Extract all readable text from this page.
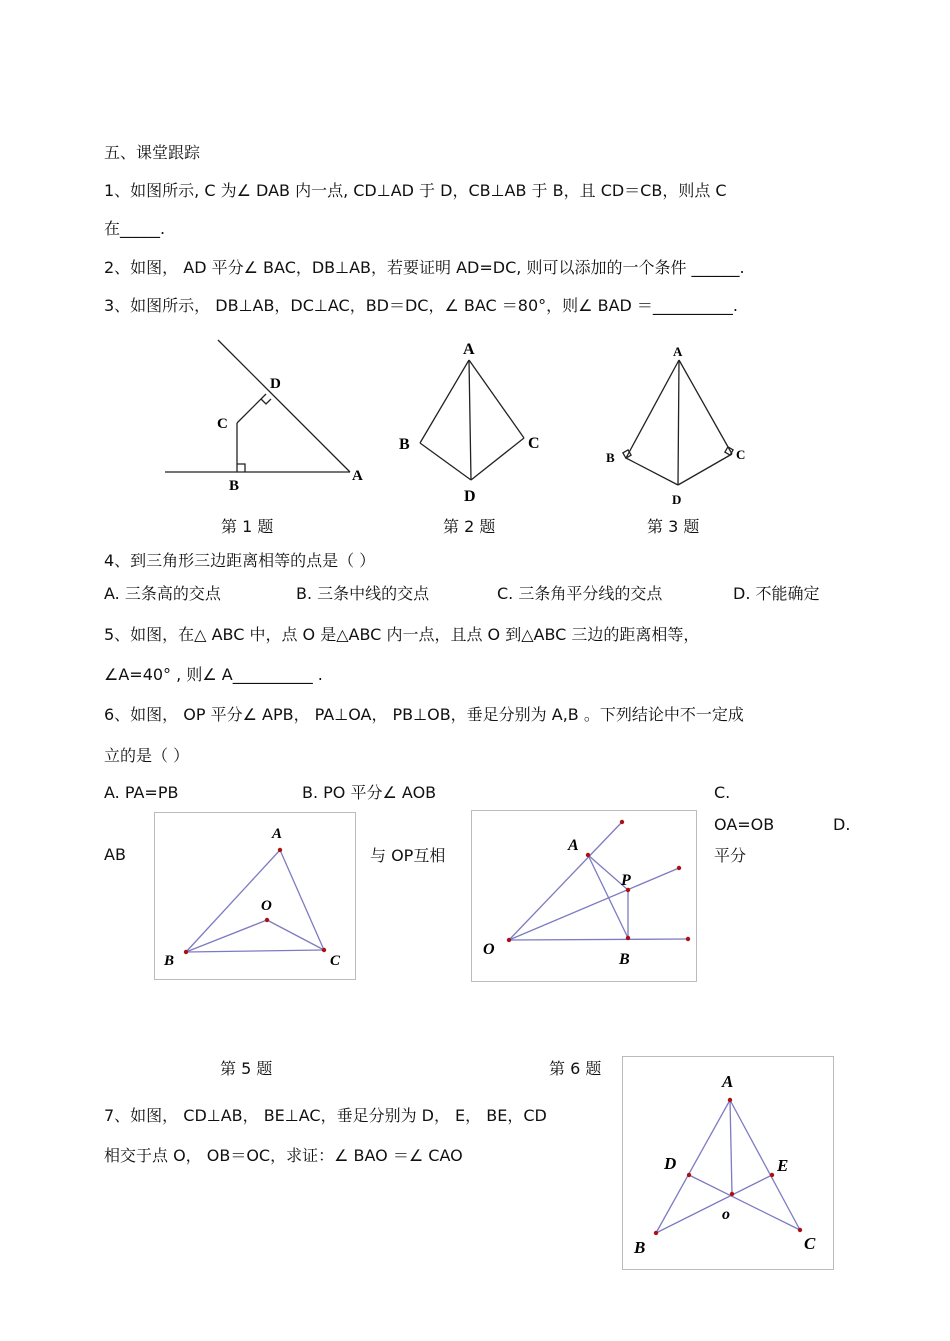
五、课堂跟踪
1、如图所示, C 为∠ DAB 内一点, CD⊥AD 于 D，CB⊥AB 于 B，且 CD＝CB，则点 C
在_____.
2、如图， AD 平分∠ BAC，DB⊥AB，若要证明 AD=DC, 则可以添加的一个条件 ______.
3、如图所示， DB⊥AB，DC⊥AC，BD＝DC，∠ BAC ＝80°，则∠ BAD ＝__________.
D
C
B
A
第 1 题
A
B	C
D
第 2 题
A
B	C
D
第 3 题
4、到三角形三边距离相等的点是（ ）
A. 三条高的交点	B. 三条中线的交点	C. 三条角平分线的交点	D. 不能确定
5、如图，在△ ABC 中，点 O 是△ABC 内一点，且点 O 到△ABC 三边的距离相等，
∠A=40° , 则∠ A__________ .
6、如图， OP 平分∠ APB， PA⊥OA， PB⊥OB，垂足分别为 A,B 。下列结论中不一定成
立的是（ ）
A. PA=PB	B. PO 平分∠ AOB	C.
OA=OB	D.
AB	与 OP互相	平分
A
O
B	C
第 5 题
A
P
O
B
第 6 题
7、如图， CD⊥AB， BE⊥AC，垂足分别为 D， E， BE，CD
相交于点 O， OB＝OC，求证：∠ BAO ＝∠ CAO
A
D	E
o
B	C
